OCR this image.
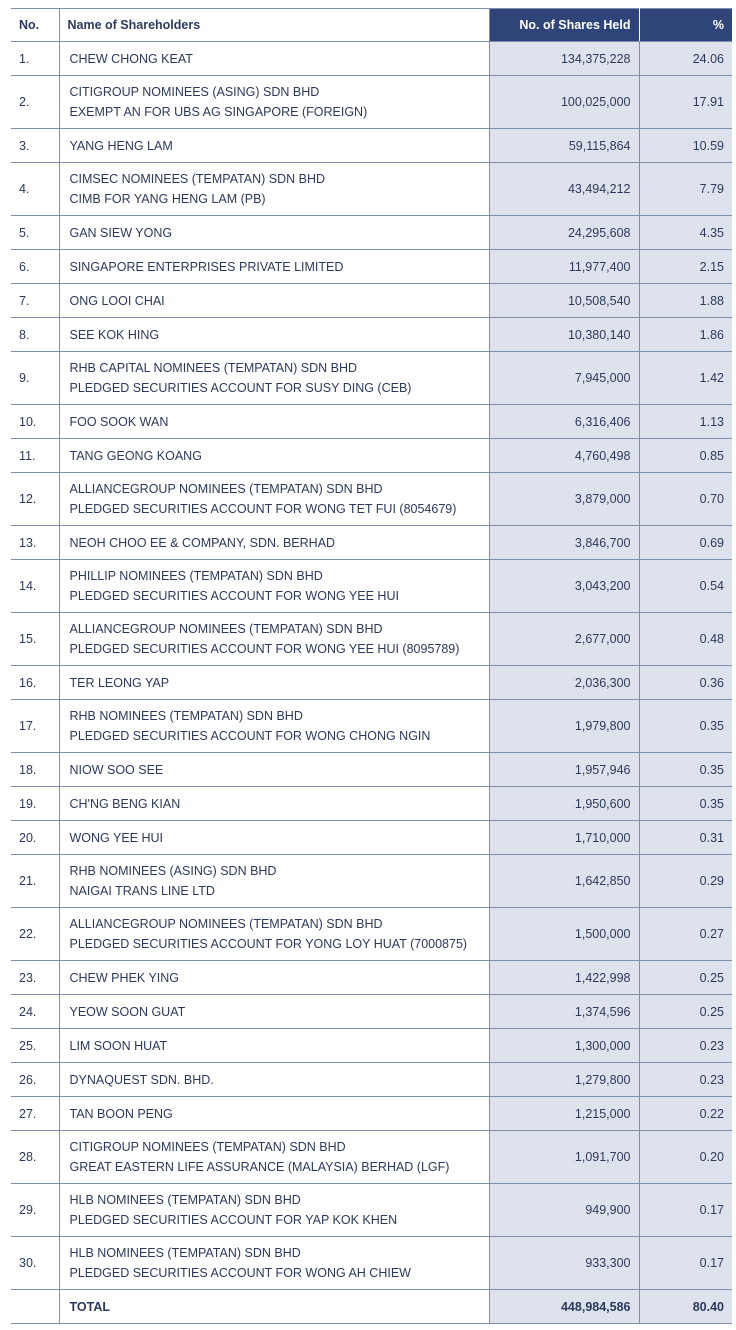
No.	Name of Shareholders	No. of Shares Held	%
1.	CHEW CHONG KEAT	134,375,228	24.06
2.	CITIGROUP NOMINEES (ASING) SDN BHD
EXEMPT AN FOR UBS AG SINGAPORE (FOREIGN)	100,025,000	17.91
3.	YANG HENG LAM	59,115,864	10.59
4.	CIMSEC NOMINEES (TEMPATAN) SDN BHD
CIMB FOR YANG HENG LAM (PB)	43,494,212	7.79
5.	GAN SIEW YONG	24,295,608	4.35
6.	SINGAPORE ENTERPRISES PRIVATE LIMITED	11,977,400	2.15
7.	ONG LOOI CHAI	10,508,540	1.88
8.	SEE KOK HING	10,380,140	1.86
9.	RHB CAPITAL NOMINEES (TEMPATAN) SDN BHD
PLEDGED SECURITIES ACCOUNT FOR SUSY DING (CEB)	7,945,000	1.42
10.	FOO SOOK WAN	6,316,406	1.13
11.	TANG GEONG KOANG	4,760,498	0.85
12.	ALLIANCEGROUP NOMINEES (TEMPATAN) SDN BHD
PLEDGED SECURITIES ACCOUNT FOR WONG TET FUI (8054679)	3,879,000	0.70
13.	NEOH CHOO EE & COMPANY, SDN. BERHAD	3,846,700	0.69
14.	PHILLIP NOMINEES (TEMPATAN) SDN BHD
PLEDGED SECURITIES ACCOUNT FOR WONG YEE HUI	3,043,200	0.54
15.	ALLIANCEGROUP NOMINEES (TEMPATAN) SDN BHD
PLEDGED SECURITIES ACCOUNT FOR WONG YEE HUI (8095789)	2,677,000	0.48
16.	TER LEONG YAP	2,036,300	0.36
17.	RHB NOMINEES (TEMPATAN) SDN BHD
PLEDGED SECURITIES ACCOUNT FOR WONG CHONG NGIN	1,979,800	0.35
18.	NIOW SOO SEE	1,957,946	0.35
19.	CH'NG BENG KIAN	1,950,600	0.35
20.	WONG YEE HUI	1,710,000	0.31
21.	RHB NOMINEES (ASING) SDN BHD
NAIGAI TRANS LINE LTD	1,642,850	0.29
22.	ALLIANCEGROUP NOMINEES (TEMPATAN) SDN BHD
PLEDGED SECURITIES ACCOUNT FOR YONG LOY HUAT (7000875)	1,500,000	0.27
23.	CHEW PHEK YING	1,422,998	0.25
24.	YEOW SOON GUAT	1,374,596	0.25
25.	LIM SOON HUAT	1,300,000	0.23
26.	DYNAQUEST SDN. BHD.	1,279,800	0.23
27.	TAN BOON PENG	1,215,000	0.22
28.	CITIGROUP NOMINEES (TEMPATAN) SDN BHD
GREAT EASTERN LIFE ASSURANCE (MALAYSIA) BERHAD (LGF)	1,091,700	0.20
29.	HLB NOMINEES (TEMPATAN) SDN BHD
PLEDGED SECURITIES ACCOUNT FOR YAP KOK KHEN	949,900	0.17
30.	HLB NOMINEES (TEMPATAN) SDN BHD
PLEDGED SECURITIES ACCOUNT FOR WONG AH CHIEW	933,300	0.17
	TOTAL	448,984,586	80.40
